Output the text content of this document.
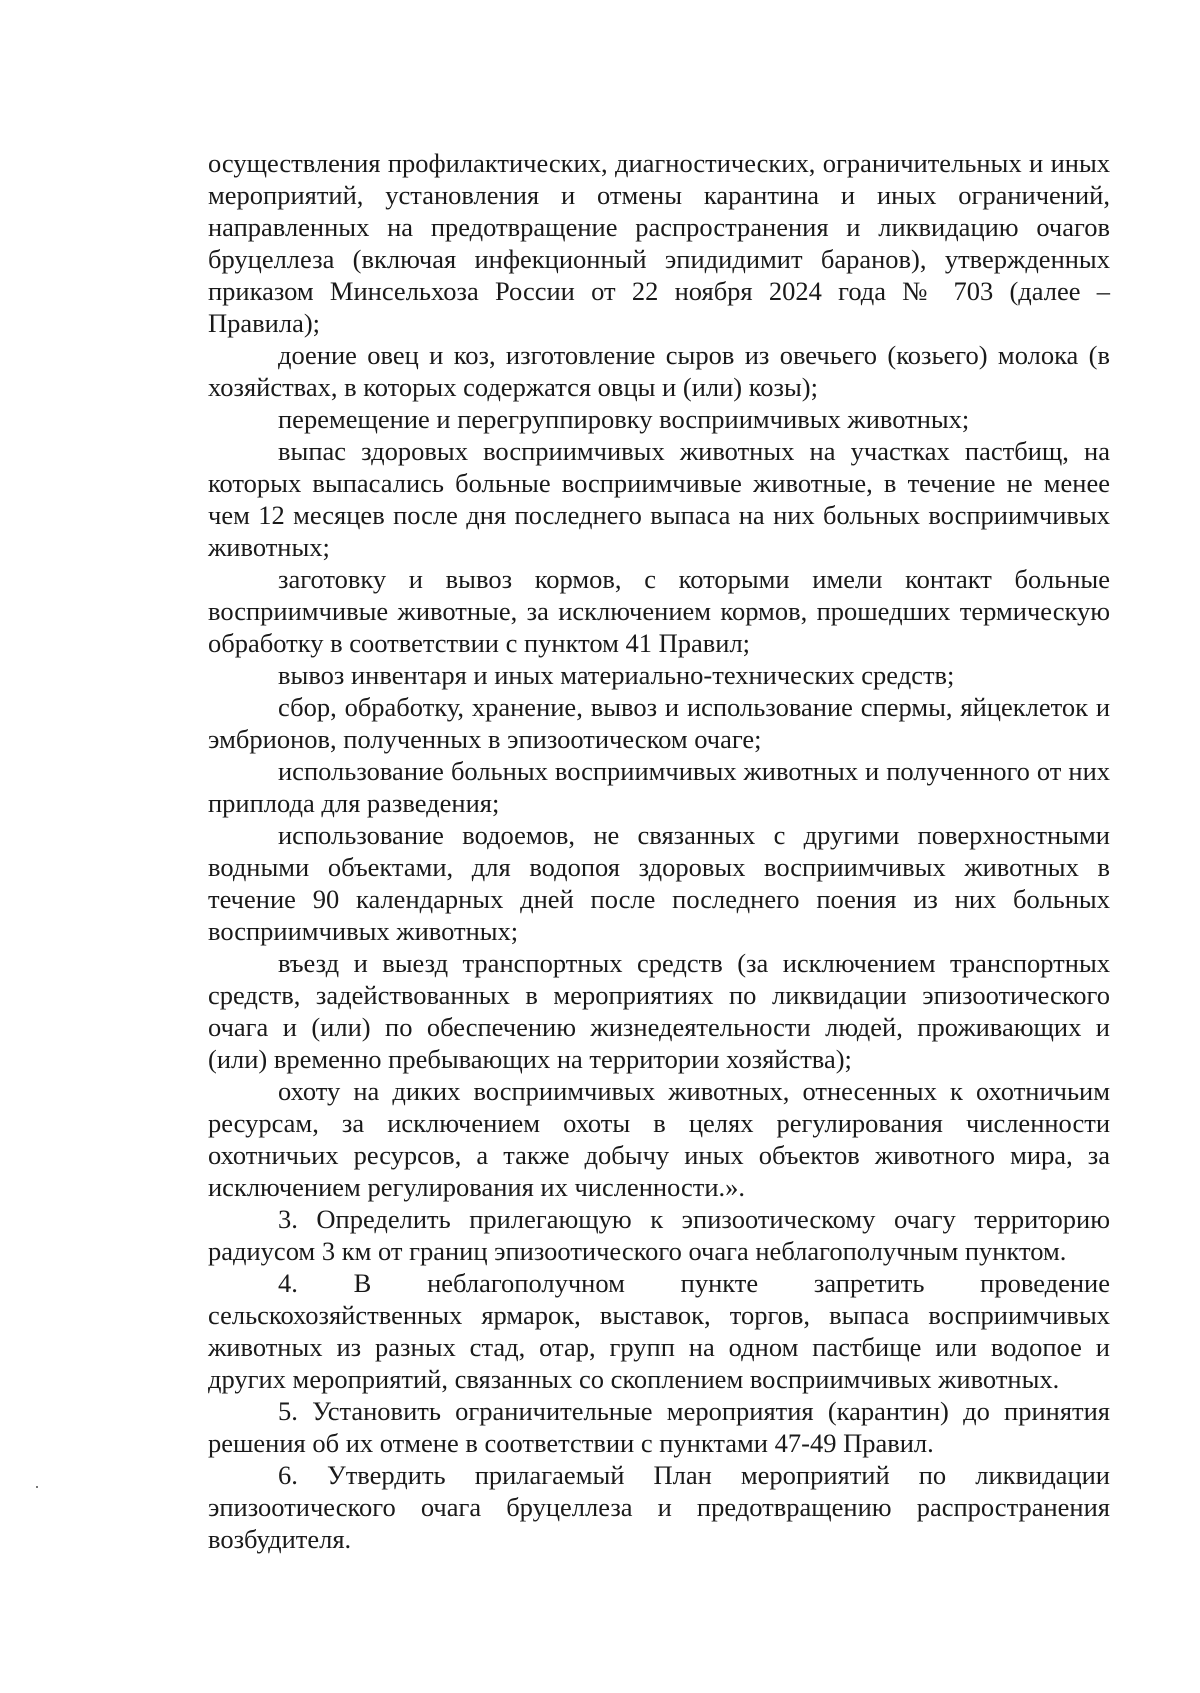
осуществления профилактических, диагностических, ограничительных и иных мероприятий, установления и отмены карантина и иных ограничений, направленных на предотвращение распространения и ликвидацию очагов бруцеллеза (включая инфекционный эпидидимит баранов), утвержденных приказом Минсельхоза России от 22 ноября 2024 года № 703 (далее – Правила);

доение овец и коз, изготовление сыров из овечьего (козьего) молока (в хозяйствах, в которых содержатся овцы и (или) козы);

перемещение и перегруппировку восприимчивых животных;

выпас здоровых восприимчивых животных на участках пастбищ, на которых выпасались больные восприимчивые животные, в течение не менее чем 12 месяцев после дня последнего выпаса на них больных восприимчивых животных;

заготовку и вывоз кормов, с которыми имели контакт больные восприимчивые животные, за исключением кормов, прошедших термическую обработку в соответствии с пунктом 41 Правил;

вывоз инвентаря и иных материально-технических средств;

сбор, обработку, хранение, вывоз и использование спермы, яйцеклеток и эмбрионов, полученных в эпизоотическом очаге;

использование больных восприимчивых животных и полученного от них приплода для разведения;

использование водоемов, не связанных с другими поверхностными водными объектами, для водопоя здоровых восприимчивых животных в течение 90 календарных дней после последнего поения из них больных восприимчивых животных;

въезд и выезд транспортных средств (за исключением транспортных средств, задействованных в мероприятиях по ликвидации эпизоотического очага и (или) по обеспечению жизнедеятельности людей, проживающих и (или) временно пребывающих на территории хозяйства);

охоту на диких восприимчивых животных, отнесенных к охотничьим ресурсам, за исключением охоты в целях регулирования численности охотничьих ресурсов, а также добычу иных объектов животного мира, за исключением регулирования их численности.».

3. Определить прилегающую к эпизоотическому очагу территорию радиусом 3 км от границ эпизоотического очага неблагополучным пунктом.

4. В неблагополучном пункте запретить проведение сельскохозяйственных ярмарок, выставок, торгов, выпаса восприимчивых животных из разных стад, отар, групп на одном пастбище или водопое и других мероприятий, связанных со скоплением восприимчивых животных.

5. Установить ограничительные мероприятия (карантин) до принятия решения об их отмене в соответствии с пунктами 47-49 Правил.

6. Утвердить прилагаемый План мероприятий по ликвидации эпизоотического очага бруцеллеза и предотвращению распространения возбудителя.
